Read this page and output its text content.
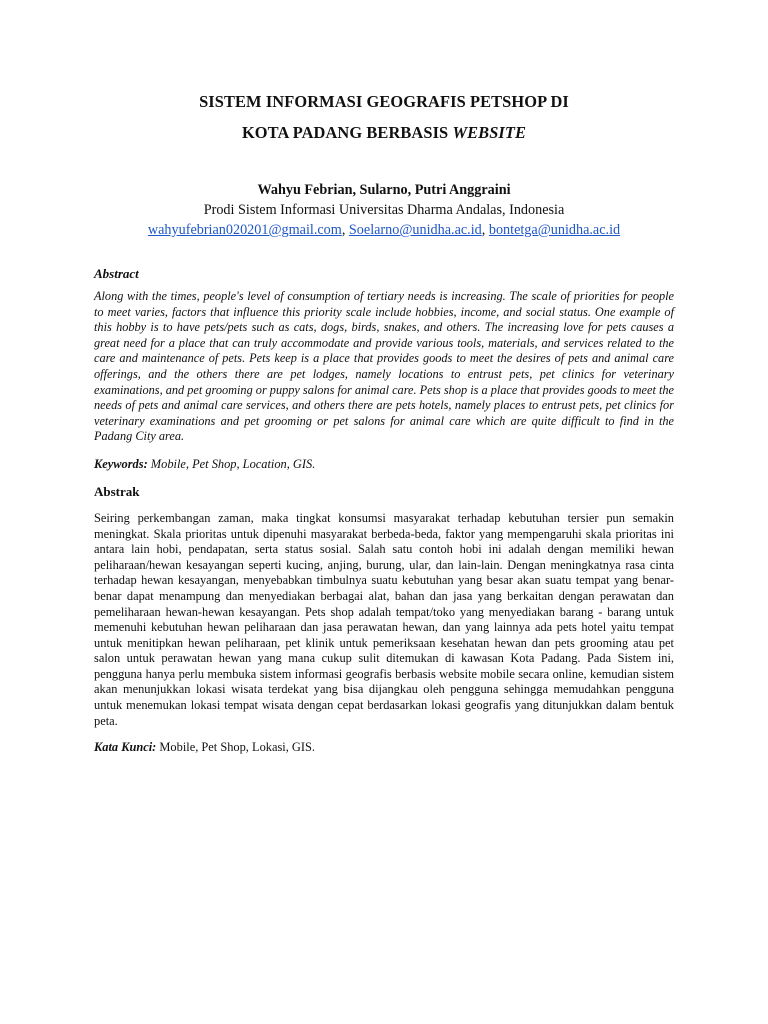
SISTEM INFORMASI GEOGRAFIS PETSHOP DI
KOTA PADANG BERBASIS WEBSITE
Wahyu Febrian, Sularno, Putri Anggraini
Prodi Sistem Informasi Universitas Dharma Andalas, Indonesia
wahyufebrian020201@gmail.com, Soelarno@unidha.ac.id, bontetga@unidha.ac.id
Abstract

Along with the times, people's level of consumption of tertiary needs is increasing. The scale of priorities for people to meet varies, factors that influence this priority scale include hobbies, income, and social status. One example of this hobby is to have pets/pets such as cats, dogs, birds, snakes, and others. The increasing love for pets causes a great need for a place that can truly accommodate and provide various tools, materials, and services related to the care and maintenance of pets. Pets keep is a place that provides goods to meet the desires of pets and animal care offerings, and the others there are pet lodges, namely locations to entrust pets, pet clinics for veterinary examinations, and pet grooming or puppy salons for animal care. Pets shop is a place that provides goods to meet the needs of pets and animal care services, and others there are pets hotels, namely places to entrust pets, pet clinics for veterinary examinations and pet grooming or pet salons for animal care which are quite difficult to find in the Padang City area.

Keywords: Mobile, Pet Shop, Location, GIS.
Abstrak

Seiring perkembangan zaman, maka tingkat konsumsi masyarakat terhadap kebutuhan tersier pun semakin meningkat. Skala prioritas untuk dipenuhi masyarakat berbeda-beda, faktor yang mempengaruhi skala prioritas ini antara lain hobi, pendapatan, serta status sosial. Salah satu contoh hobi ini adalah dengan memiliki hewan peliharaan/hewan kesayangan seperti kucing, anjing, burung, ular, dan lain-lain. Dengan meningkatnya rasa cinta terhadap hewan kesayangan, menyebabkan timbulnya suatu kebutuhan yang besar akan suatu tempat yang benar-benar dapat menampung dan menyediakan berbagai alat, bahan dan jasa yang berkaitan dengan perawatan dan pemeliharaan hewan-hewan kesayangan. Pets shop adalah tempat/toko yang menyediakan barang - barang untuk memenuhi kebutuhan hewan peliharaan dan jasa perawatan hewan, dan yang lainnya ada pets hotel yaitu tempat untuk menitipkan hewan peliharaan, pet klinik untuk pemeriksaan kesehatan hewan dan pets grooming atau pet salon untuk perawatan hewan yang mana cukup sulit ditemukan di kawasan Kota Padang. Pada Sistem ini, pengguna hanya perlu membuka sistem informasi geografis berbasis website mobile secara online, kemudian sistem akan menunjukkan lokasi wisata terdekat yang bisa dijangkau oleh pengguna sehingga memudahkan pengguna untuk menemukan lokasi tempat wisata dengan cepat berdasarkan lokasi geografis yang ditunjukkan dalam bentuk peta.

Kata Kunci: Mobile, Pet Shop, Lokasi, GIS.
